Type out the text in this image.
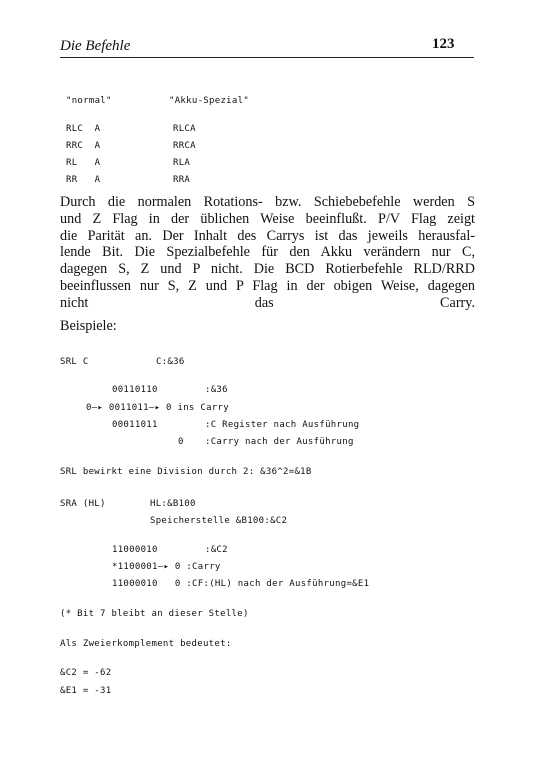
Die Befehle	123
"normal"	"Akku-Spezial"
RLC  A	RLCA
RRC  A	RRCA
RL   A	RLA
RR   A	RRA
Durch die normalen Rotations- bzw. Schiebebefehle werden S
und Z Flag in der üblichen Weise beeinflußt. P/V Flag zeigt
die Parität an. Der Inhalt des Carrys ist das jeweils herausfal-
lende Bit. Die Spezialbefehle für den Akku verändern nur C,
dagegen S, Z und P nicht. Die BCD Rotierbefehle RLD/RRD
beeinflussen nur S, Z und P Flag in der obigen Weise, dagegen
nicht das Carry.
Beispiele:
SRL C	C:&36
00110110	:&36
0—▸ 0011011—▸ 0 ins Carry
00011011	:C Register nach Ausführung
0 :Carry nach der Ausführung
SRL bewirkt eine Division durch 2: &36^2=&1B
SRA (HL)	HL:&B100
Speicherstelle &B100:&C2
11000010	:&C2
*1100001—▸ 0 :Carry
11000010   0 :CF:(HL) nach der Ausführung=&E1
(* Bit 7 bleibt an dieser Stelle)
Als Zweierkomplement bedeutet:
&C2 = -62
&E1 = -31
